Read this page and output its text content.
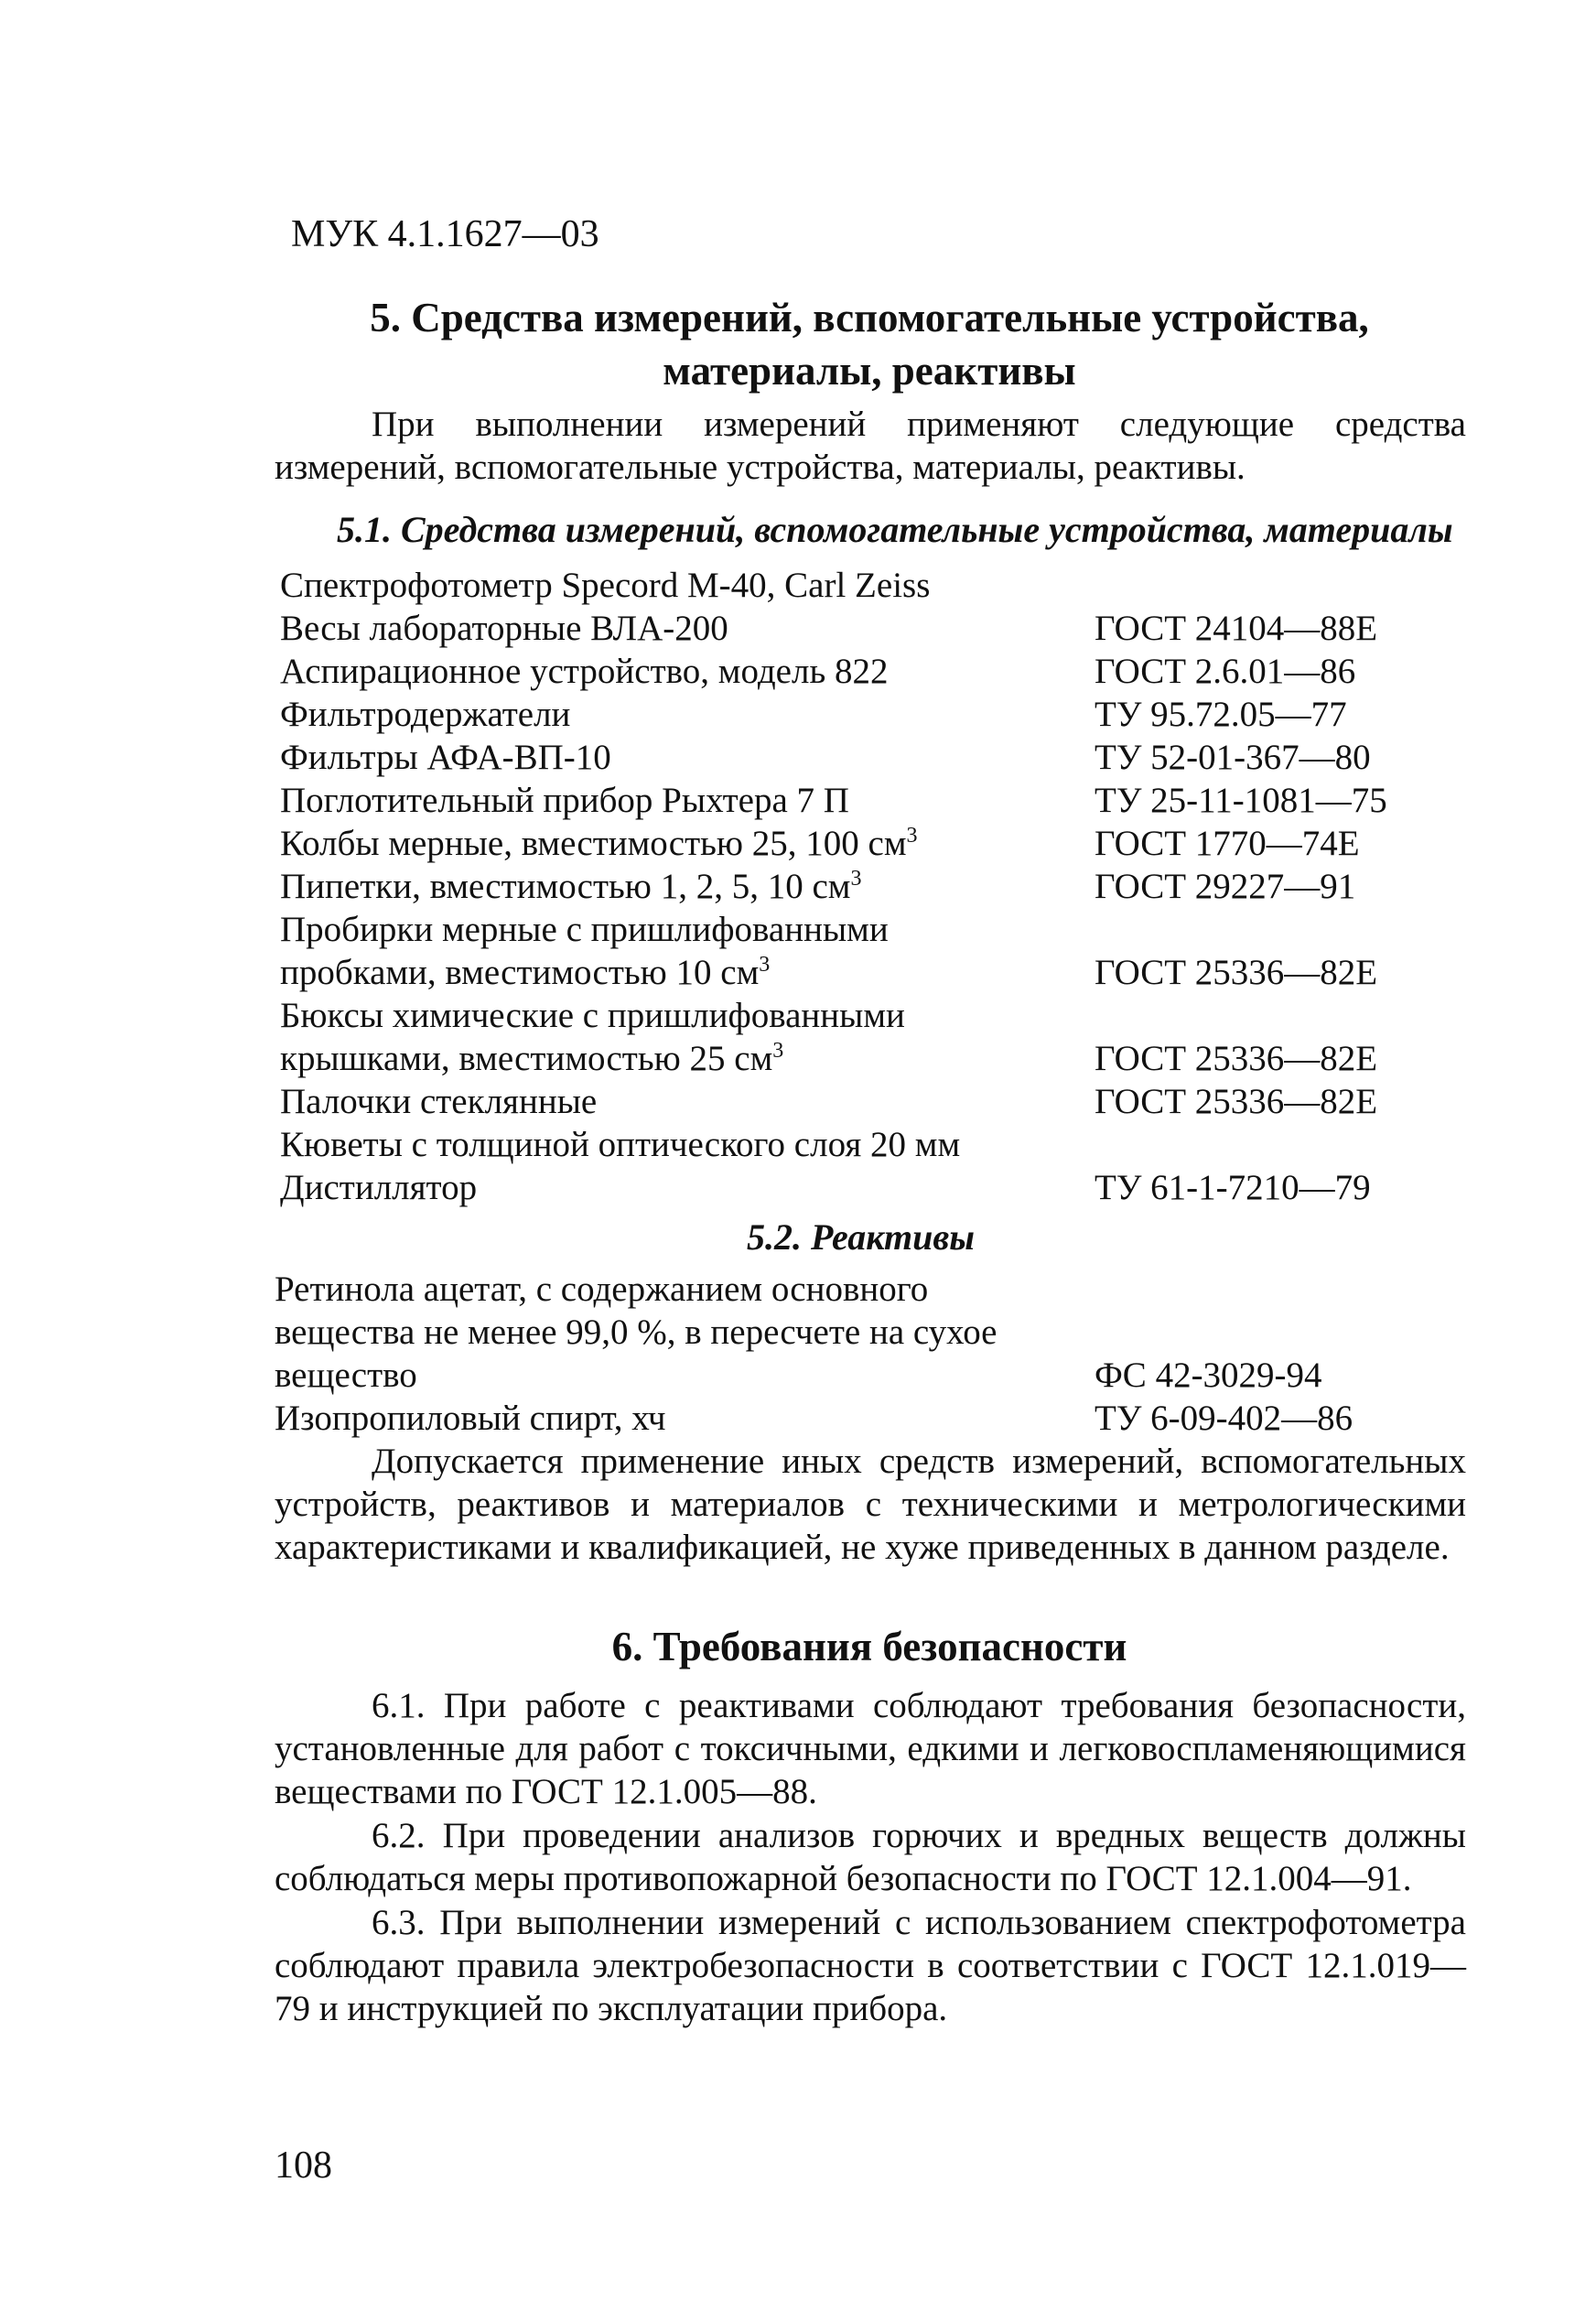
МУК 4.1.1627—03
5. Средства измерений, вспомогательные устройства,
материалы, реактивы
При выполнении измерений применяют следующие средства измерений, вспомогательные устройства, материалы, реактивы.
5.1. Средства измерений, вспомогательные устройства, материалы
Спектрофотометр Specord М-40, Carl Zeiss
Весы лабораторные ВЛА-200	ГОСТ 24104—88Е
Аспирационное устройство, модель 822	ГОСТ 2.6.01—86
Фильтродержатели	ТУ 95.72.05—77
Фильтры АФА-ВП-10	ТУ 52-01-367—80
Поглотительный прибор Рыхтера 7 П	ТУ 25-11-1081—75
Колбы мерные, вместимостью 25, 100 $см^3$	ГОСТ 1770—74Е
Пипетки, вместимостью 1, 2, 5, 10 $см^3$	ГОСТ 29227—91
Пробирки мерные с пришлифованными
пробками, вместимостью 10 $см^3$	ГОСТ 25336—82Е
Бюксы химические с пришлифованными
крышками, вместимостью 25 $см^3$	ГОСТ 25336—82Е
Палочки стеклянные	ГОСТ 25336—82Е
Кюветы с толщиной оптического слоя 20 мм
Дистиллятор	ТУ 61-1-7210—79
5.2. Реактивы
Ретинола ацетат, с содержанием основного
вещества не менее 99,0 %, в пересчете на сухое
вещество	ФС 42-3029-94
Изопропиловый спирт, хч	ТУ 6-09-402—86
Допускается применение иных средств измерений, вспомогательных устройств, реактивов и материалов с техническими и метрологическими характеристиками и квалификацией, не хуже приведенных в данном разделе.
6. Требования безопасности
6.1. При работе с реактивами соблюдают требования безопасности, установленные для работ с токсичными, едкими и легковоспламеняющимися веществами по ГОСТ 12.1.005—88.
6.2. При проведении анализов горючих и вредных веществ должны соблюдаться меры противопожарной безопасности по ГОСТ 12.1.004—91.
6.3. При выполнении измерений с использованием спектрофотометра соблюдают правила электробезопасности в соответствии с ГОСТ 12.1.019—79 и инструкцией по эксплуатации прибора.
108
